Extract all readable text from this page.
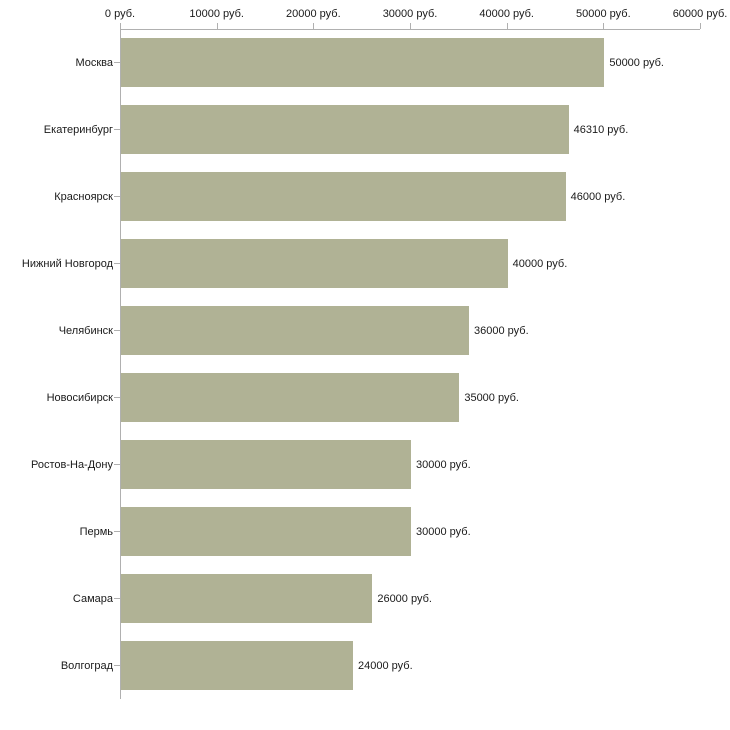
0 руб.	10000 руб.	20000 руб.	30000 руб.	40000 руб.	50000 руб.	60000 руб.
Москва	50000 руб.
Екатеринбург	46310 руб.
Красноярск	46000 руб.
Нижний Новгород	40000 руб.
Челябинск	36000 руб.
Новосибирск	35000 руб.
Ростов-На-Дону	30000 руб.
Пермь	30000 руб.
Самара	26000 руб.
Волгоград	24000 руб.
